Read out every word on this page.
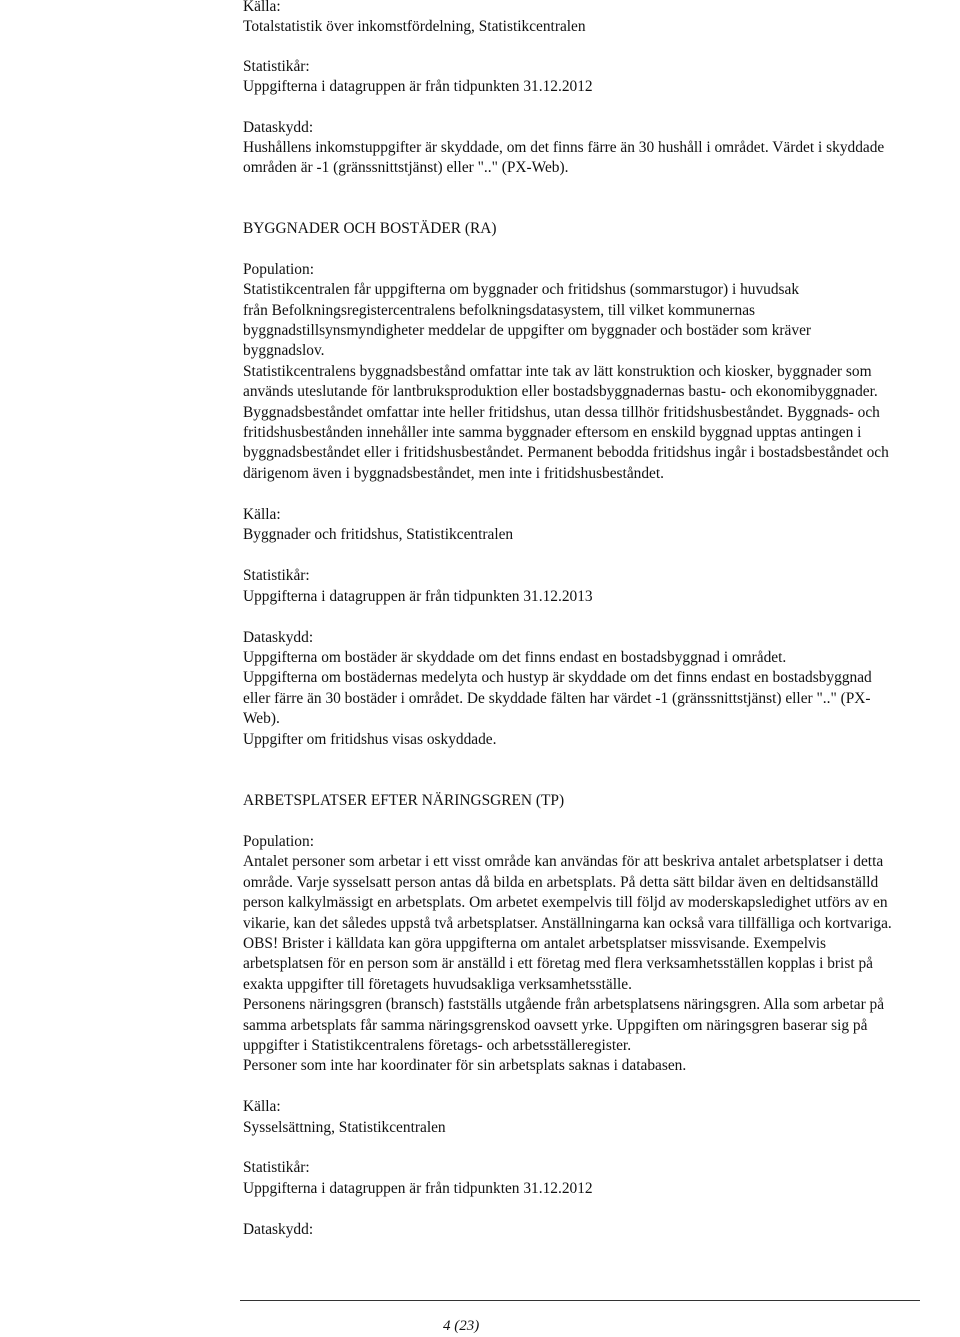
Källa:
Totalstatistik över inkomstfördelning, Statistikcentralen
Statistikår:
Uppgifterna i datagruppen är från tidpunkten 31.12.2012
Dataskydd:
Hushållens inkomstuppgifter är skyddade, om det finns färre än 30 hushåll i området. Värdet i skyddade
områden är -1 (gränssnittstjänst) eller ".." (PX-Web).
BYGGNADER OCH BOSTÄDER (RA)
Population:
Statistikcentralen får uppgifterna om byggnader och fritidshus (sommarstugor) i huvudsak
från Befolkningsregistercentralens befolkningsdatasystem, till vilket kommunernas
byggnadstillsynsmyndigheter meddelar de uppgifter om byggnader och bostäder som kräver
byggnadslov.
Statistikcentralens byggnadsbestånd omfattar inte tak av lätt konstruktion och kiosker, byggnader som
används uteslutande för lantbruksproduktion eller bostadsbyggnadernas bastu- och ekonomibyggnader.
Byggnadsbeståndet omfattar inte heller fritidshus, utan dessa tillhör fritidshusbeståndet. Byggnads- och
fritidshusbestånden innehåller inte samma byggnader eftersom en enskild byggnad upptas antingen i
byggnadsbeståndet eller i fritidshusbeståndet. Permanent bebodda fritidshus ingår i bostadsbeståndet och
därigenom även i byggnadsbeståndet, men inte i fritidshusbeståndet.
Källa:
Byggnader och fritidshus, Statistikcentralen
Statistikår:
Uppgifterna i datagruppen är från tidpunkten 31.12.2013
Dataskydd:
Uppgifterna om bostäder är skyddade om det finns endast en bostadsbyggnad i området.
Uppgifterna om bostädernas medelyta och hustyp är skyddade om det finns endast en bostadsbyggnad
eller färre än 30 bostäder i området. De skyddade fälten har värdet -1 (gränssnittstjänst) eller ".." (PX-
Web).
Uppgifter om fritidshus visas oskyddade.
ARBETSPLATSER EFTER NÄRINGSGREN (TP)
Population:
Antalet personer som arbetar i ett visst område kan användas för att beskriva antalet arbetsplatser i detta
område. Varje sysselsatt person antas då bilda en arbetsplats. På detta sätt bildar även en deltidsanställd
person kalkylmässigt en arbetsplats. Om arbetet exempelvis till följd av moderskapsledighet utförs av en
vikarie, kan det således uppstå två arbetsplatser. Anställningarna kan också vara tillfälliga och kortvariga.
OBS! Brister i källdata kan göra uppgifterna om antalet arbetsplatser missvisande. Exempelvis
arbetsplatsen för en person som är anställd i ett företag med flera verksamhetsställen kopplas i brist på
exakta uppgifter till företagets huvudsakliga verksamhetsställe.
Personens näringsgren (bransch) fastställs utgående från arbetsplatsens näringsgren. Alla som arbetar på
samma arbetsplats får samma näringsgrenskod oavsett yrke. Uppgiften om näringsgren baserar sig på
uppgifter i Statistikcentralens företags- och arbetsställeregister.
Personer som inte har koordinater för sin arbetsplats saknas i databasen.
Källa:
Sysselsättning, Statistikcentralen
Statistikår:
Uppgifterna i datagruppen är från tidpunkten 31.12.2012
Dataskydd:
4 (23)
